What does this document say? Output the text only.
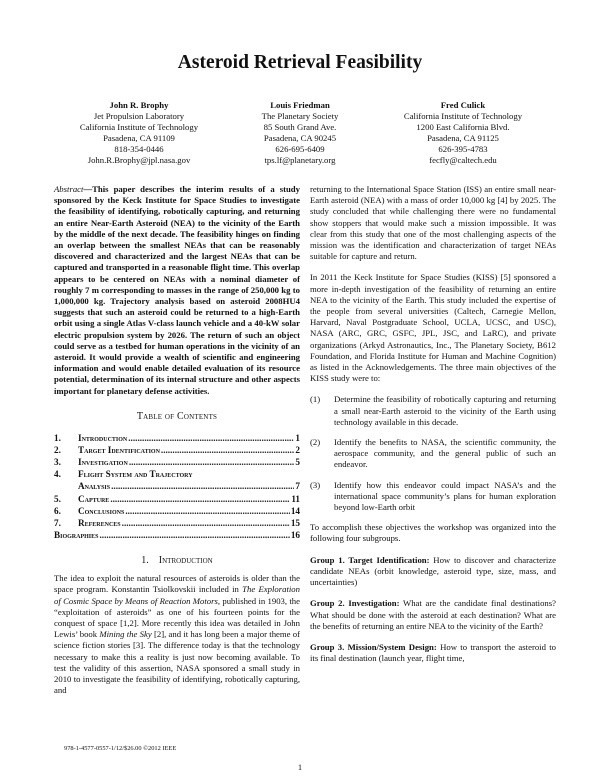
Asteroid Retrieval Feasibility
John R. Brophy
Jet Propulsion Laboratory
California Institute of Technology
Pasadena, CA 91109
818-354-0446
John.R.Brophy@jpl.nasa.gov
Louis Friedman
The Planetary Society
85 South Grand Ave.
Pasadena, CA 90245
626-695-6409
tps.lf@planetary.org
Fred Culick
California Institute of Technology
1200 East California Blvd.
Pasadena, CA 91125
626-395-4783
fecfly@caltech.edu

Abstract—This paper describes the interim results of a study sponsored by the Keck Institute for Space Studies to investigate the feasibility of identifying, robotically capturing, and returning an entire Near-Earth Asteroid (NEA) to the vicinity of the Earth by the middle of the next decade. The feasibility hinges on finding an overlap between the smallest NEAs that can be reasonably discovered and characterized and the largest NEAs that can be captured and transported in a reasonable flight time. This overlap appears to be centered on NEAs with a nominal diameter of roughly 7 m corresponding to masses in the range of 250,000 kg to 1,000,000 kg. Trajectory analysis based on asteroid 2008HU4 suggests that such an asteroid could be returned to a high-Earth orbit using a single Atlas V-class launch vehicle and a 40-kW solar electric propulsion system by 2026. The return of such an object could serve as a testbed for human operations in the vicinity of an asteroid. It would provide a wealth of scientific and engineering information and would enable detailed evaluation of its resource potential, determination of its internal structure and other aspects important for planetary defense activities.

Table of Contents
1.	Introduction .....	1
2.	Target Identification .....	2
3.	Investigation .....	5
4.	Flight System and Trajectory
Analysis .....	7
5.	Capture .....	11
6.	Conclusions .....	14
7.	References .....	15
Biographies .....	16
1.    Introduction

The idea to exploit the natural resources of asteroids is older than the space program. Konstantin Tsiolkovskii included in The Exploration of Cosmic Space by Means of Reaction Motors, published in 1903, the “exploitation of asteroids” as one of his fourteen points for the conquest of space [1,2]. More recently this idea was detailed in John Lewis’ book Mining the Sky [2], and it has long been a major theme of science fiction stories [3]. The difference today is that the technology necessary to make this a reality is just now becoming available. To test the validity of this assertion, NASA sponsored a small study in 2010 to investigate the feasibility of identifying, robotically capturing, and

returning to the International Space Station (ISS) an entire small near-Earth asteroid (NEA) with a mass of order 10,000 kg [4] by 2025. The study concluded that while challenging there were no fundamental show stoppers that would make such a mission impossible. It was clear from this study that one of the most challenging aspects of the mission was the identification and characterization of target NEAs suitable for capture and return.

In 2011 the Keck Institute for Space Studies (KISS) [5] sponsored a more in-depth investigation of the feasibility of returning an entire NEA to the vicinity of the Earth. This study included the expertise of the people from several universities (Caltech, Carnegie Mellon, Harvard, Naval Postgraduate School, UCLA, UCSC, and USC), NASA (ARC, GRC, GSFC, JPL, JSC, and LaRC), and private organizations (Arkyd Astronautics, Inc., The Planetary Society, B612 Foundation, and Florida Institute for Human and Machine Cognition) as listed in the Acknowledgements. The three main objectives of the KISS study were to:

(1)	Determine the feasibility of robotically capturing and returning a small near-Earth asteroid to the vicinity of the Earth using technology available in this decade.
(2)	Identify the benefits to NASA, the scientific community, the aerospace community, and the general public of such an endeavor.
(3)	Identify how this endeavor could impact NASA’s and the international space community’s plans for human exploration beyond low-Earth orbit

To accomplish these objectives the workshop was organized into the following four subgroups.

Group 1. Target Identification: How to discover and characterize candidate NEAs (orbit knowledge, asteroid type, size, mass, and uncertainties)

Group 2. Investigation: What are the candidate final destinations? What should be done with the asteroid at each destination? What are the benefits of returning an entire NEA to the vicinity of the Earth?

Group 3. Mission/System Design: How to transport the asteroid to its final destination (launch year, flight time,

978-1-4577-0557-1/12/$26.00 ©2012 IEEE
1
